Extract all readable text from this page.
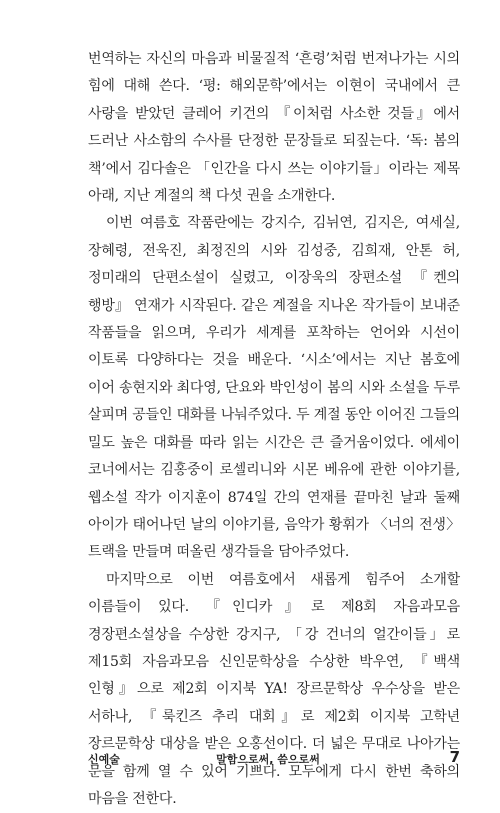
번역하는 자신의 마음과 비물질적 ‘흔령’처럼 번져나가는 시의 힘에 대해 쓴다. ‘평: 해외문학’에서는 이현이 국내에서 큰 사랑을 받았던 클레어 키건의 『이처럼 사소한 것들』에서 드러난 사소함의 수사를 단정한 문장들로 되짚는다. ‘독: 봄의 책’에서 김다솔은 「인간을 다시 쓰는 이야기들」이라는 제목 아래, 지난 계절의 책 다섯 권을 소개한다.

이번 여름호 작품란에는 강지수, 김뉘연, 김지은, 여세실, 장혜령, 전욱진, 최정진의 시와 김성중, 김희재, 안톤 허, 정미래의 단편소설이 실렸고, 이장욱의 장편소설 『켄의 행방』 연재가 시작된다. 같은 계절을 지나온 작가들이 보내준 작품들을 읽으며, 우리가 세계를 포착하는 언어와 시선이 이토록 다양하다는 것을 배운다. ‘시소’에서는 지난 봄호에 이어 송현지와 최다영, 단요와 박인성이 봄의 시와 소설을 두루 살피며 공들인 대화를 나눠주었다. 두 계절 동안 이어진 그들의 밀도 높은 대화를 따라 읽는 시간은 큰 즐거움이었다. 에세이 코너에서는 김홍중이 로셀리니와 시몬 베유에 관한 이야기를, 웹소설 작가 이지훈이 874일 간의 연재를 끝마친 날과 둘째 아이가 태어나던 날의 이야기를, 음악가 황휘가 〈너의 전생〉 트랙을 만들며 떠올린 생각들을 담아주었다.

마지막으로 이번 여름호에서 새롭게 힘주어 소개할 이름들이 있다. 『인디카』로 제8회 자음과모음 경장편소설상을 수상한 강지구, 「강 건너의 얼간이들」로 제15회 자음과모음 신인문학상을 수상한 박우연, 『백색 인형』으로 제2회 이지북 YA! 장르문학상 우수상을 받은 서하나, 『룩킨즈 추리 대회』로 제2회 이지북 고학년 장르문학상 대상을 받은 오홍선이다. 더 넓은 무대로 나아가는 문을 함께 열 수 있어 기쁘다. 모두에게 다시 한번 축하의 마음을 전한다.

신예술	말함으로써, 씀으로써	7
